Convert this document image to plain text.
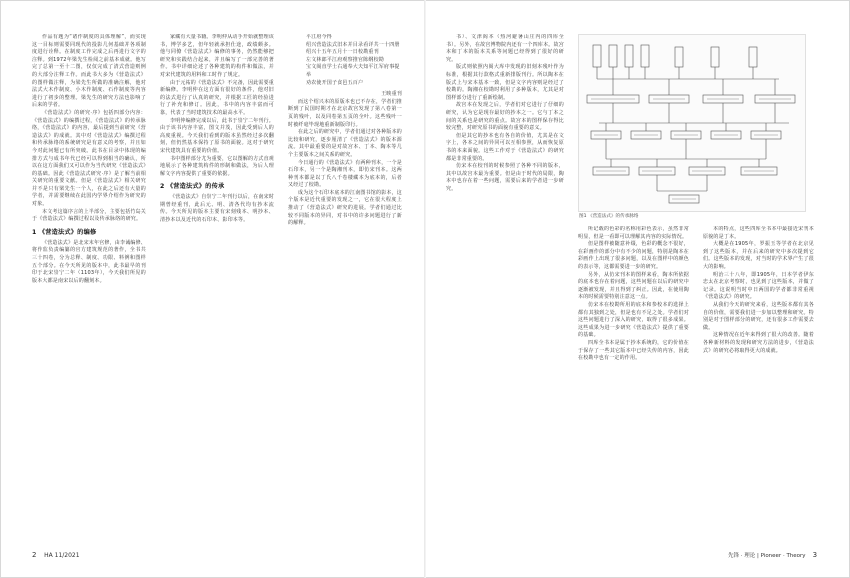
作品有题为“诸作制度的具体理解”，而实现这一目标则需要同现代的投影几何基础并各项制度进行诠释。在制度工作完成之后再进行文字的注释。到1972年梁先生检阅之前基本成就。他写完了总第一至十二图，仅仅完成了清式营造则例的大部分注释工作。而此书大多为《营造法式》的图样做注释，为梁先生所做的准确注解，他对法式大木作制度、小木作制度、石作制度等内容进行了初步的整理。梁先生的研究方法也影响了后来的学者。

《营造法式》的研究·序》包括四部分内容：《营造法式》的编撰过程，《营造法式》的传承脉络，《营造法式》的内容，最后提到当前研究《营造法式》的成就。其中对《营造法式》编撰过程和传承脉络的系统研究是有意义的考察，并且如今对此问题已有所突破。此书在目录中体现的编排方式与成书年代已经可以得到相当的确认，所以在这方面我们又可以作为当代研究《营造法式》的基础。因此《营造法式研究·序》是了解当前相关研究的重要文献。但是《营造法式》相关研究并不是只有梁先生一个人，在此之后还有大量的学者，并需要继续在此国内学界介绍作为研究的对象。

本文考这篇序言的上半部分，主要包括竹岛关于《营造法式》编撰过程以及传承脉络的研究。

1 《营造法式》的编修

《营造法式》是北宋末年官修，由李诫编修、将作监负责编纂的官方建筑规范的著作，全书共三十四卷，分为总释、制度、功限、料例和图样五个部分。在今天所见的版本中，此书最早的刊印于北宋崇宁二年（1103年），今天我们所见的版本大都是南宋以后的翻刻本。

家藏有大量书籍。李明仲从动手开始就整理该书，博学多艺，但年轻就承担仕途，政绩颇多。他与同僚《营造法式》编修的事务，仍然能够把研究和实践结合起来，并且编写了一部完善的著作。书中详细论述了各种建筑的构件和做法，并对宋代建筑的用料和工时作了规定。

由于元祐的《营造法式》不完备，因此需要重新编修。李明仲在这方面有很好的条件，他对旧的法式进行了认真的研究，并根据工匠的经验进行了补充和修订。因此，书中的内容丰富而可靠，代表了当时建筑技术的最高水平。

李明仲编修完成以后，此书于崇宁二年刊行。由于该书内容丰富，图文并茂，因此受到后人的高度重视。今天我们看到的版本虽然经过多次翻刻，但仍然基本保持了原书的面貌。这对于研究宋代建筑具有重要的价值。

书中图样部分尤为重要，它以图解的方式直观地展示了各种建筑构件的形制和做法，为后人理解文字内容提供了重要的依据。

2 《营造法式》的传承

《营造法式》自崇宁二年刊行以后，在南宋时期曾经重刊，此后元、明、清各代均有抄本流传。今天所见的版本主要有宋刻残本、明抄本、清抄本以及近代的石印本、影印本等。

平江府今得

绍兴营造法式旧本并目录看详共一十四册

绍兴十五年五月十一日校勘重刊

左文林郎平江府观察推官陈纲校勘

宝文阁直学士右通奉大夫知平江军府事提举

劝农使开国子食邑五百户

王映重刊

而这个绍兴本的原版本也已不存在，学者们推断到了民国时期才在北京故宫发现了第八卷第一页的残叶，以及同卷第五页的全叶。这些残叶一时被纤毫毕现地重新制版印行。

在此之后的研究中，学者们通过对各种版本的比较和研究，逐步厘清了《营造法式》的版本源流。其中最重要的是对故宫本、丁本、陶本等几个主要版本之间关系的研究。

今日通行的《营造法式》有两种刊本，一个是石印本，另一个是陶湘刊本，即仿宋刊本。这两种刊本都是以丁氏八千卷楼藏本为底本的，后者又经过了校勘。

成为这个石印本底本的江南图书馆的影本，这个版本是近代重要的发现之一，它在很大程度上推动了《营造法式》研究的进展。学者们通过比较不同版本的异同，对书中的许多问题进行了新的解释。

2 HA 11/2021

书）、文津阁本（热河避暑山庄内的四库全书）。另外，在故宫博物院内还有一个四库本。故宫本和丁本的版本关系等问题已经得到了很好的研究。

版式则依照内阁大库中发现的旧刻本残叶作为标准，根据其行款格式重新排版刊行。所以陶本在版式上与宋本基本一致，但是文字内容则是经过了校勘的。陶湘在校勘时利用了多种版本，尤其是对图样部分进行了重新绘制。

故宫本在发现之后，学者们对它进行了仔细的研究，认为它是现存最好的抄本之一。它与丁本之间的关系也是研究的重点。故宫本的图样保存得比较完整，对研究原书的面貌有重要的意义。

但是其它的抄本也有各自的价值，尤其是在文字上，各本之间的异同可以互相参照，从而恢复原书的本来面貌。这些工作对于《营造法式》的研究都是非常重要的。

仿宋本在校刊的时候参照了各种不同的版本，其中以故宫本最为重要。但是由于时代的局限，陶本中也存在着一些问题，需要后来的学者进一步研究。

图1 《营造法式》的传承脉络

所记载的色彩的名称用彩色表示，虽然非常明显，但是一看即可以理解其内容的实际情况。

但是图样被随意补缀，色彩的概念不很好，在彩画作的部分中有不少的问题，特别是陶本在彩画作上出现了很多问题，以及在图样中的颜色的表示等，这都需要进一步的研究。

另外，从仿宋刊本的图样来看，陶本所依据的底本也存在着问题，这些问题在以后的研究中逐渐被发现，并且得到了纠正。因此，在使用陶本的时候需要特别注意这一点。

仿宋本在校勘所用的底本和参校本的选择上都有其独到之处，但是也有不足之处。学者们对这些问题进行了深入的研究，取得了很多成果。这些成果为进一步研究《营造法式》提供了重要的基础。

四库全书本是属于抄本系统的，它的价值在于保存了一些其它版本中已经失传的内容，因此在校勘中也有一定的作用。

本的特点，这些四库全书本中最接近宋刊本原貌的是丁本。

大概是在1905年，罗振玉等学者在北京见到了这些版本，并在后来的研究中多次提到它们。这些版本的发现，对当时的学术界产生了很大的影响。

明治三十八年，即1905年，日本学者伊东忠太在北京考察时，也见到了这些版本，并做了记录。这说明当时中日两国的学者都非常重视《营造法式》的研究。

从我们今天的研究来看，这些版本都有其各自的价值，需要我们进一步加以整理和研究。特别是对于图样部分的研究，还有很多工作需要去做。

这种情况在近年来得到了很大的改善。随着各种新材料的发现和研究方法的进步，《营造法式》的研究必将取得更大的成就。

先锋 · 理论 | Pioneer · Theory 3
